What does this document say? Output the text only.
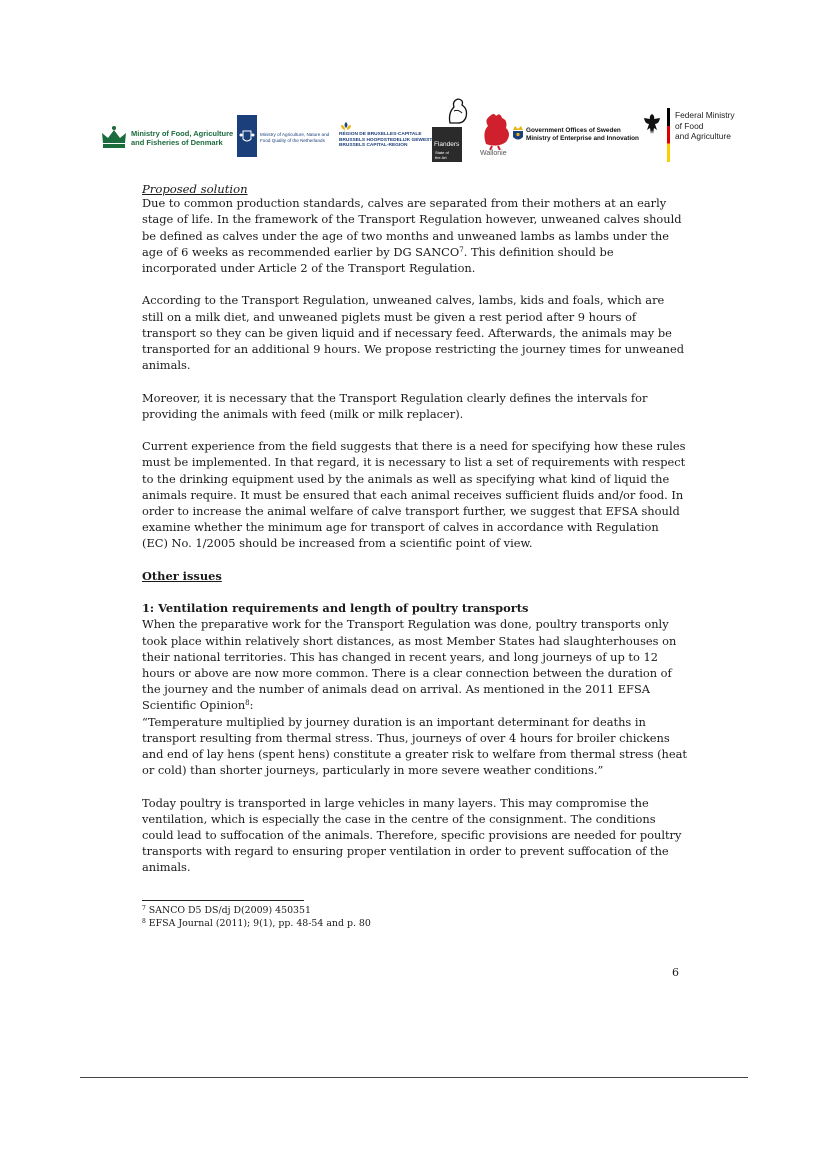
Ministry of Food, Agriculture
and Fisheries of Denmark
Ministry of Agriculture, Nature and
Food Quality of the Netherlands
RÉGION DE BRUXELLES-CAPITALE
BRUSSELS HOOFDSTEDELIJK GEWEST
BRUSSELS CAPITAL-REGION	Flanders
State of
the Art
Wallonie
Government Offices of Sweden
Ministry of Enterprise and Innovation
Federal Ministry
of Food
and Agriculture

Proposed solution

Due to common production standards, calves are separated from their mothers at an early stage of life. In the framework of the Transport Regulation however, unweaned calves should be defined as calves under the age of two months and unweaned lambs as lambs under the age of 6 weeks as recommended earlier by DG SANCO$^7$. This definition should be incorporated under Article 2 of the Transport Regulation.

According to the Transport Regulation, unweaned calves, lambs, kids and foals, which are still on a milk diet, and unweaned piglets must be given a rest period after 9 hours of transport so they can be given liquid and if necessary feed. Afterwards, the animals may be transported for an additional 9 hours. We propose restricting the journey times for unweaned animals.

Moreover, it is necessary that the Transport Regulation clearly defines the intervals for providing the animals with feed (milk or milk replacer).

Current experience from the field suggests that there is a need for specifying how these rules must be implemented. In that regard, it is necessary to list a set of requirements with respect to the drinking equipment used by the animals as well as specifying what kind of liquid the animals require. It must be ensured that each animal receives sufficient fluids and/or food. In order to increase the animal welfare of calve transport further, we suggest that EFSA should examine whether the minimum age for transport of calves in accordance with Regulation (EC) No. 1/2005 should be increased from a scientific point of view.

Other issues

1: Ventilation requirements and length of poultry transports

When the preparative work for the Transport Regulation was done, poultry transports only took place within relatively short distances, as most Member States had slaughterhouses on their national territories. This has changed in recent years, and long journeys of up to 12 hours or above are now more common. There is a clear connection between the duration of the journey and the number of animals dead on arrival. As mentioned in the 2011 EFSA Scientific Opinion$^8$:

“Temperature multiplied by journey duration is an important determinant for deaths in transport resulting from thermal stress. Thus, journeys of over 4 hours for broiler chickens and end of lay hens (spent hens) constitute a greater risk to welfare from thermal stress (heat or cold) than shorter journeys, particularly in more severe weather conditions.”

Today poultry is transported in large vehicles in many layers. This may compromise the ventilation, which is especially the case in the centre of the consignment. The conditions could lead to suffocation of the animals. Therefore, specific provisions are needed for poultry transports with regard to ensuring proper ventilation in order to prevent suffocation of the animals.

$^7$ SANCO D5 DS/dj D(2009) 450351
$^8$ EFSA Journal (2011); 9(1), pp. 48-54 and p. 80
6
